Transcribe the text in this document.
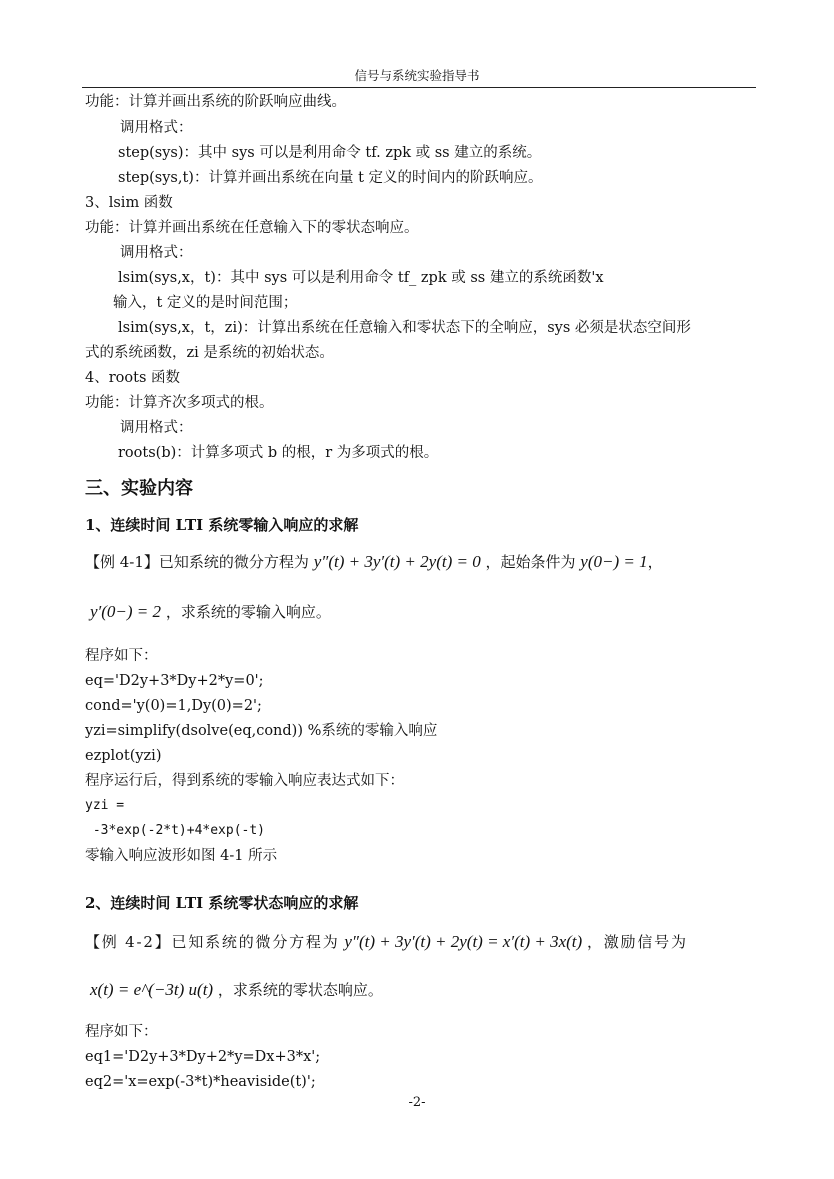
信号与系统实验指导书
功能：计算并画出系统的阶跃响应曲线。
调用格式：
step(sys)：其中 sys 可以是利用命令 tf. zpk 或 ss 建立的系统。
step(sys,t)：计算并画出系统在向量 t 定义的时间内的阶跃响应。
3、lsim 函数
功能：计算并画出系统在任意输入下的零状态响应。
调用格式：
lsim(sys,x，t)：其中 sys 可以是利用命令 tf_ zpk 或 ss 建立的系统函数'x
输入，t 定义的是时间范围；
lsim(sys,x，t，zi)：计算出系统在任意输入和零状态下的全响应，sys 必须是状态空间形
式的系统函数，zi 是系统的初始状态。
4、roots 函数
功能：计算齐次多项式的根。
调用格式：
roots(b)：计算多项式 b 的根，r 为多项式的根。
三、实验内容
1、连续时间 LTI 系统零输入响应的求解
【例 4-1】已知系统的微分方程为 y″(t) + 3y′(t) + 2y(t) = 0 ，起始条件为 y(0−) = 1，
y′(0−) = 2 ，求系统的零输入响应。
程序如下：
eq='D2y+3*Dy+2*y=0';
cond='y(0)=1,Dy(0)=2';
yzi=simplify(dsolve(eq,cond)) %系统的零输入响应
ezplot(yzi)
程序运行后，得到系统的零输入响应表达式如下：
yzi =
-3*exp(-2*t)+4*exp(-t)
零输入响应波形如图 4-1 所示
2、连续时间 LTI 系统零状态响应的求解
【例 4-2】已知系统的微分方程为 y″(t) + 3y′(t) + 2y(t) = x′(t) + 3x(t) ，激励信号为
x(t) = e^(−3t) u(t) ，求系统的零状态响应。
程序如下：
eq1='D2y+3*Dy+2*y=Dx+3*x';
eq2='x=exp(-3*t)*heaviside(t)';
-2-
